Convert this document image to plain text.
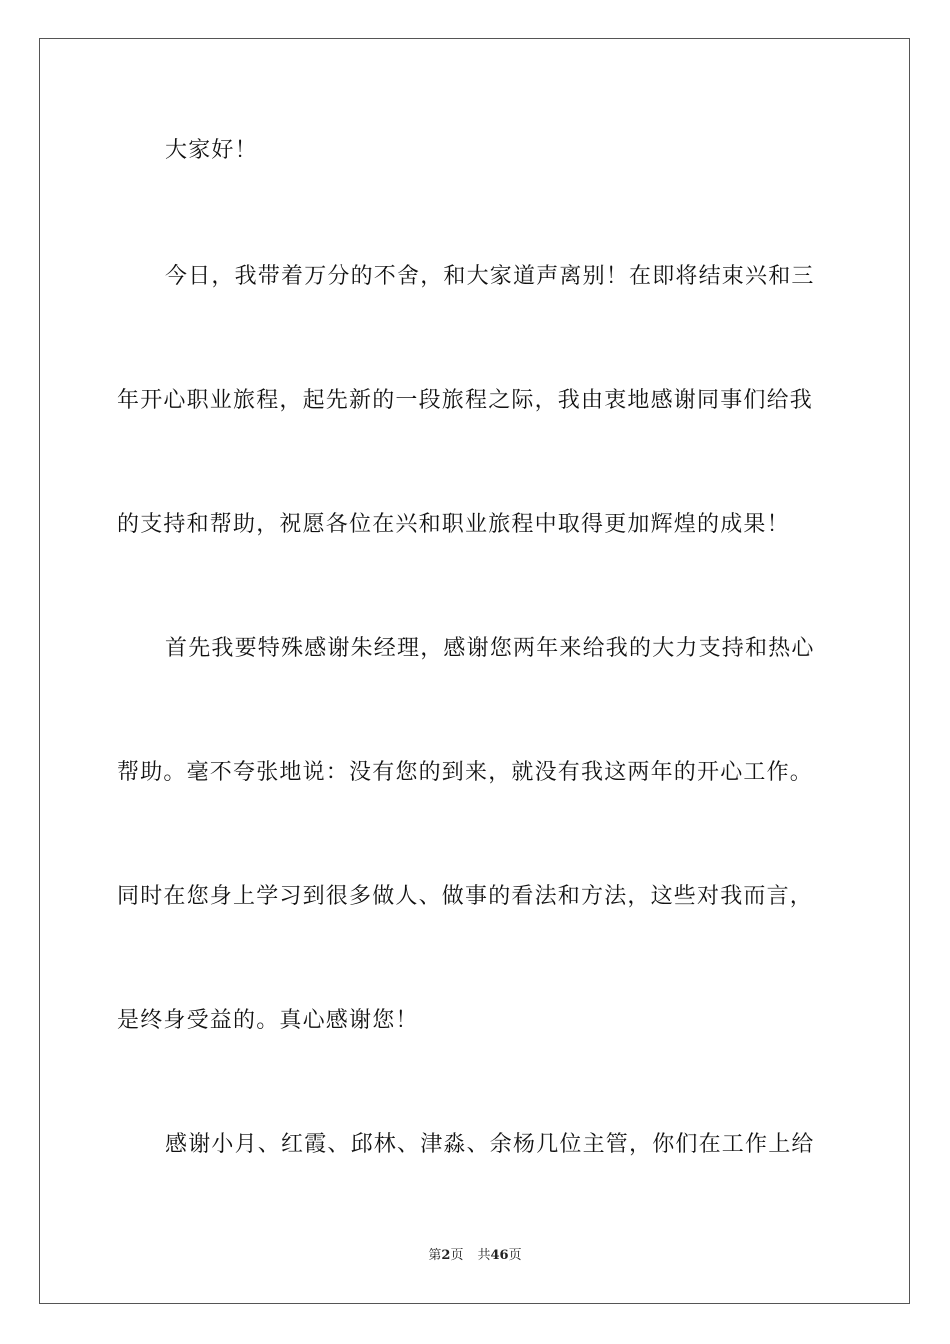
大家好！
今日，我带着万分的不舍，和大家道声离别！在即将结束兴和三
年开心职业旅程，起先新的一段旅程之际，我由衷地感谢同事们给我
的支持和帮助，祝愿各位在兴和职业旅程中取得更加辉煌的成果！
首先我要特殊感谢朱经理，感谢您两年来给我的大力支持和热心
帮助。毫不夸张地说：没有您的到来，就没有我这两年的开心工作。
同时在您身上学习到很多做人、做事的看法和方法，这些对我而言，
是终身受益的。真心感谢您！
感谢小月、红霞、邱林、津淼、余杨几位主管，你们在工作上给
第2页 共46页
